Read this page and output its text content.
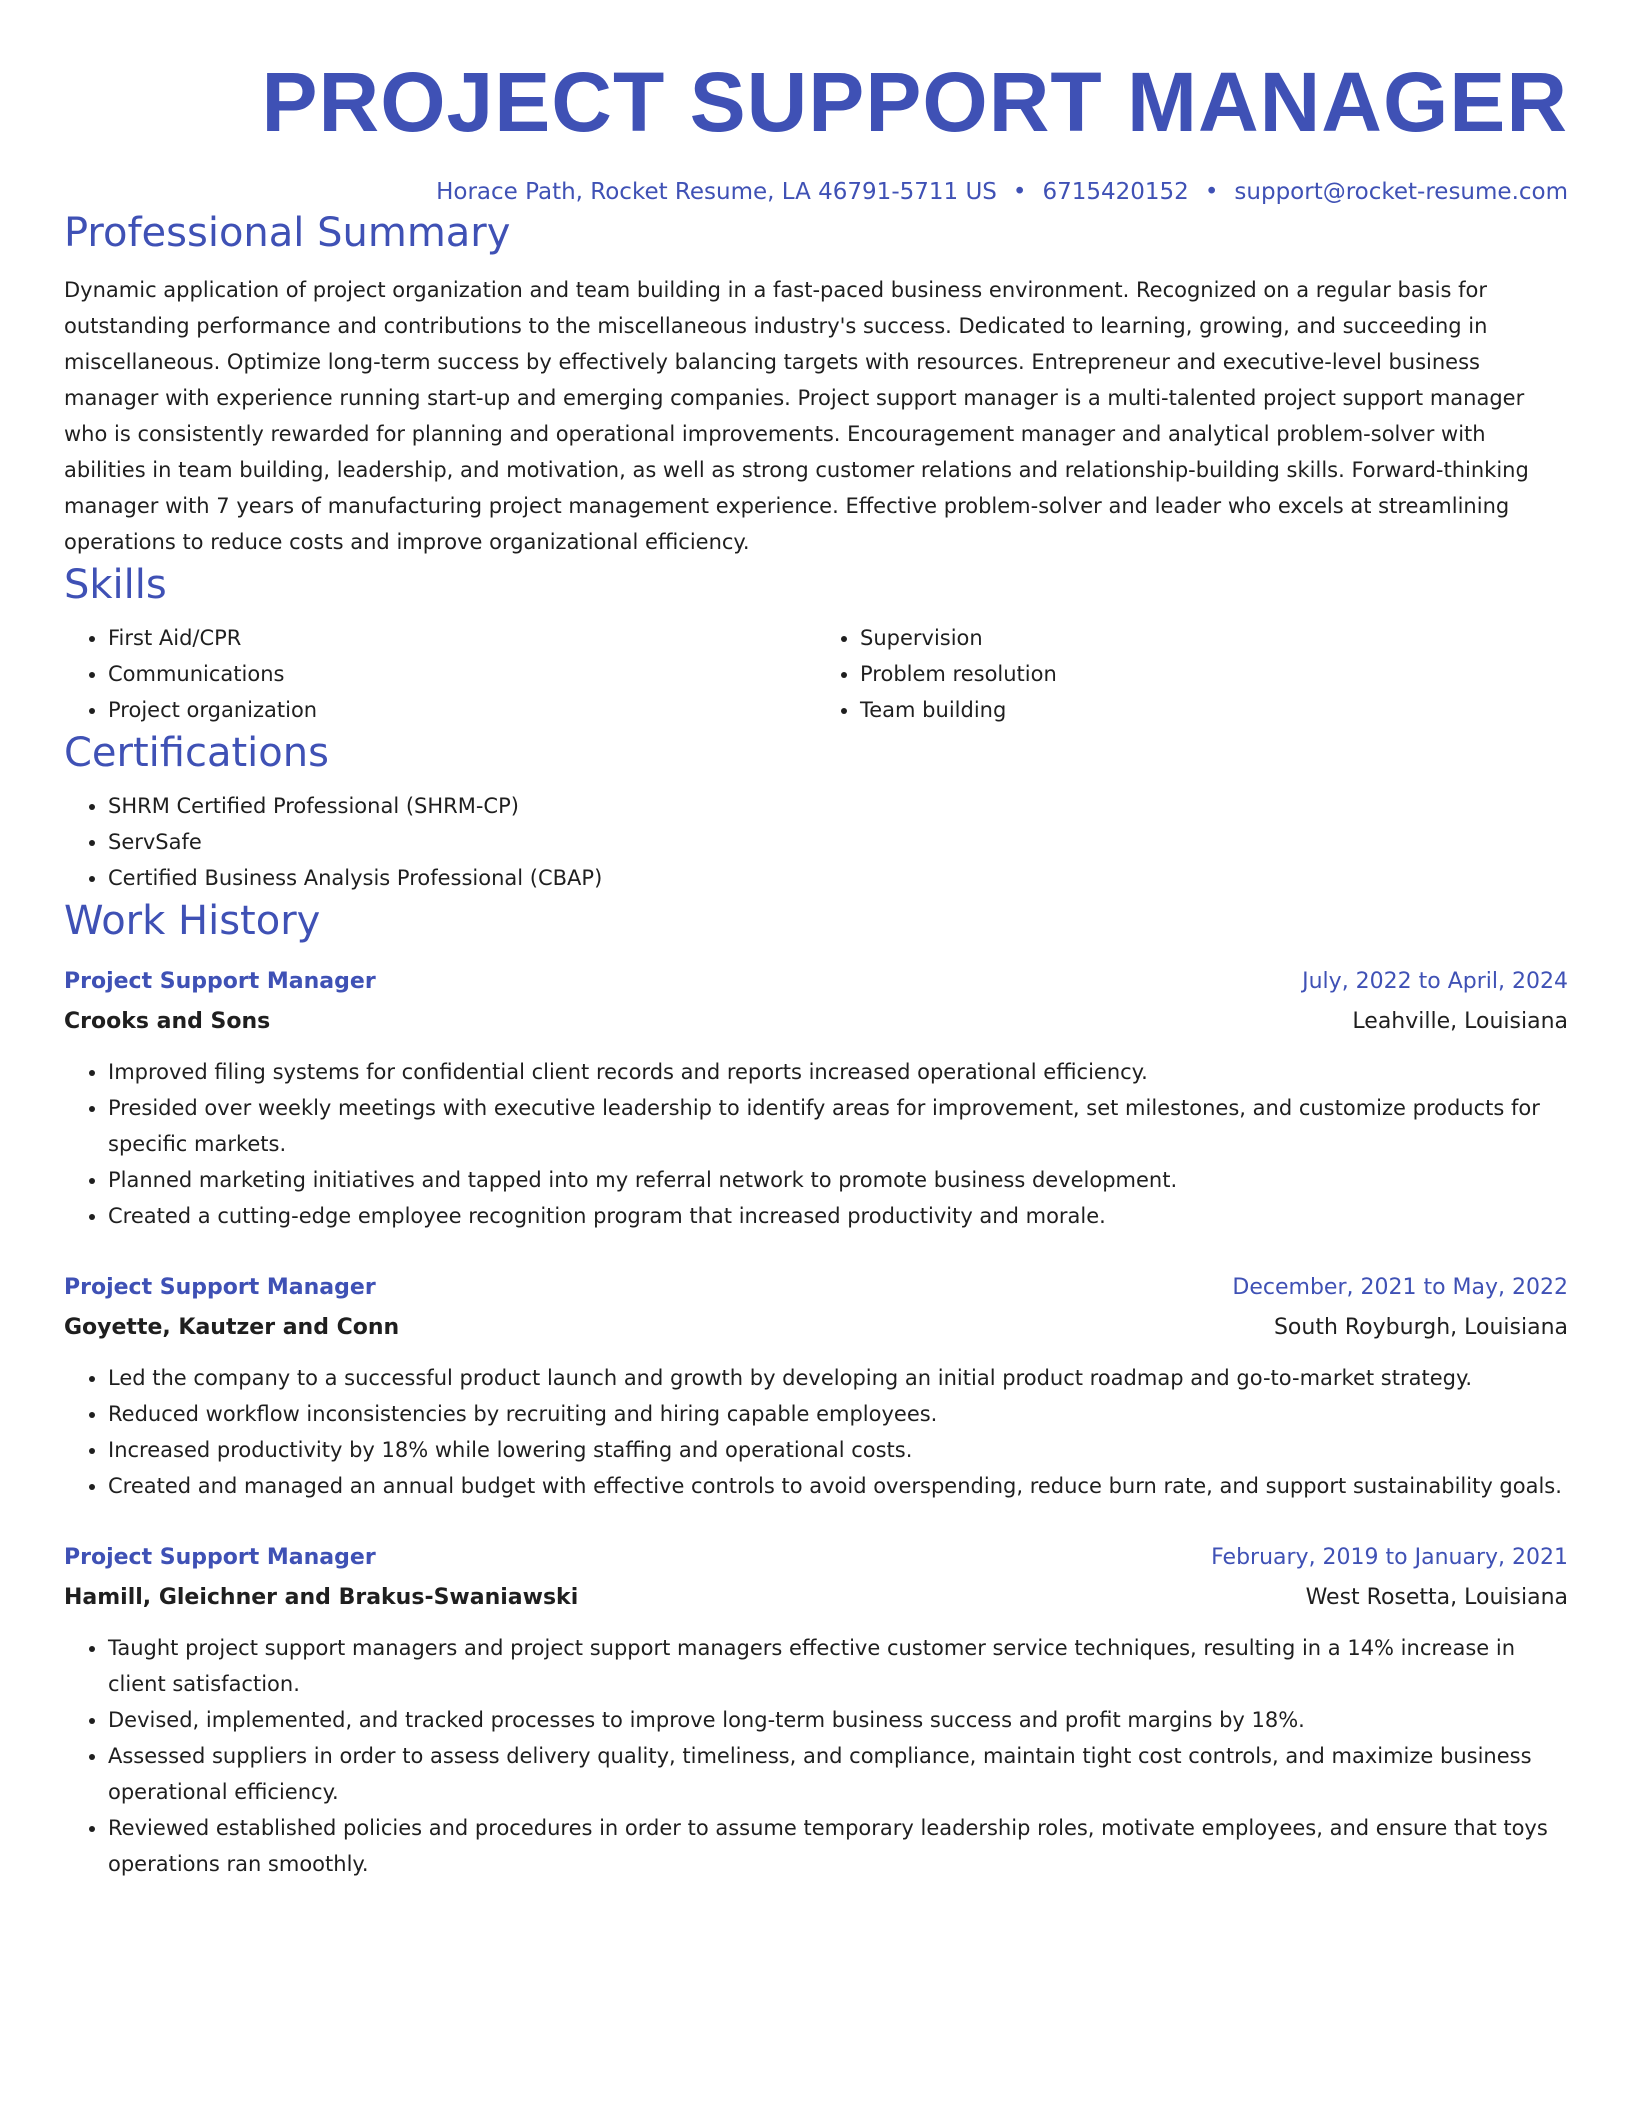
PROJECT SUPPORT MANAGER
Horace Path, Rocket Resume, LA 46791-5711 US • 6715420152 • support@rocket-resume.com
Professional Summary

Dynamic application of project organization and team building in a fast-paced business environment. Recognized on a regular basis for outstanding performance and contributions to the miscellaneous industry's success. Dedicated to learning, growing, and succeeding in miscellaneous. Optimize long-term success by effectively balancing targets with resources. Entrepreneur and executive-level business manager with experience running start-up and emerging companies. Project support manager is a multi-talented project support manager who is consistently rewarded for planning and operational improvements. Encouragement manager and analytical problem-solver with abilities in team building, leadership, and motivation, as well as strong customer relations and relationship-building skills. Forward-thinking manager with 7 years of manufacturing project management experience. Effective problem-solver and leader who excels at streamlining operations to reduce costs and improve organizational efficiency.

Skills
• First Aid/CPR
• Communications
• Project organization
• Supervision
• Problem resolution
• Team building
Certifications
• SHRM Certified Professional (SHRM-CP)
• ServSafe
• Certified Business Analysis Professional (CBAP)
Work History
Project Support Manager	July, 2022 to April, 2024
Crooks and Sons	Leahville, Louisiana
• Improved filing systems for confidential client records and reports increased operational efficiency.
• Presided over weekly meetings with executive leadership to identify areas for improvement, set milestones, and customize products for specific markets.
• Planned marketing initiatives and tapped into my referral network to promote business development.
• Created a cutting-edge employee recognition program that increased productivity and morale.
Project Support Manager	December, 2021 to May, 2022
Goyette, Kautzer and Conn	South Royburgh, Louisiana
• Led the company to a successful product launch and growth by developing an initial product roadmap and go-to-market strategy.
• Reduced workflow inconsistencies by recruiting and hiring capable employees.
• Increased productivity by 18% while lowering staffing and operational costs.
• Created and managed an annual budget with effective controls to avoid overspending, reduce burn rate, and support sustainability goals.
Project Support Manager	February, 2019 to January, 2021
Hamill, Gleichner and Brakus-Swaniawski	West Rosetta, Louisiana
• Taught project support managers and project support managers effective customer service techniques, resulting in a 14% increase in client satisfaction.
• Devised, implemented, and tracked processes to improve long-term business success and profit margins by 18%.
• Assessed suppliers in order to assess delivery quality, timeliness, and compliance, maintain tight cost controls, and maximize business operational efficiency.
• Reviewed established policies and procedures in order to assume temporary leadership roles, motivate employees, and ensure that toys operations ran smoothly.
